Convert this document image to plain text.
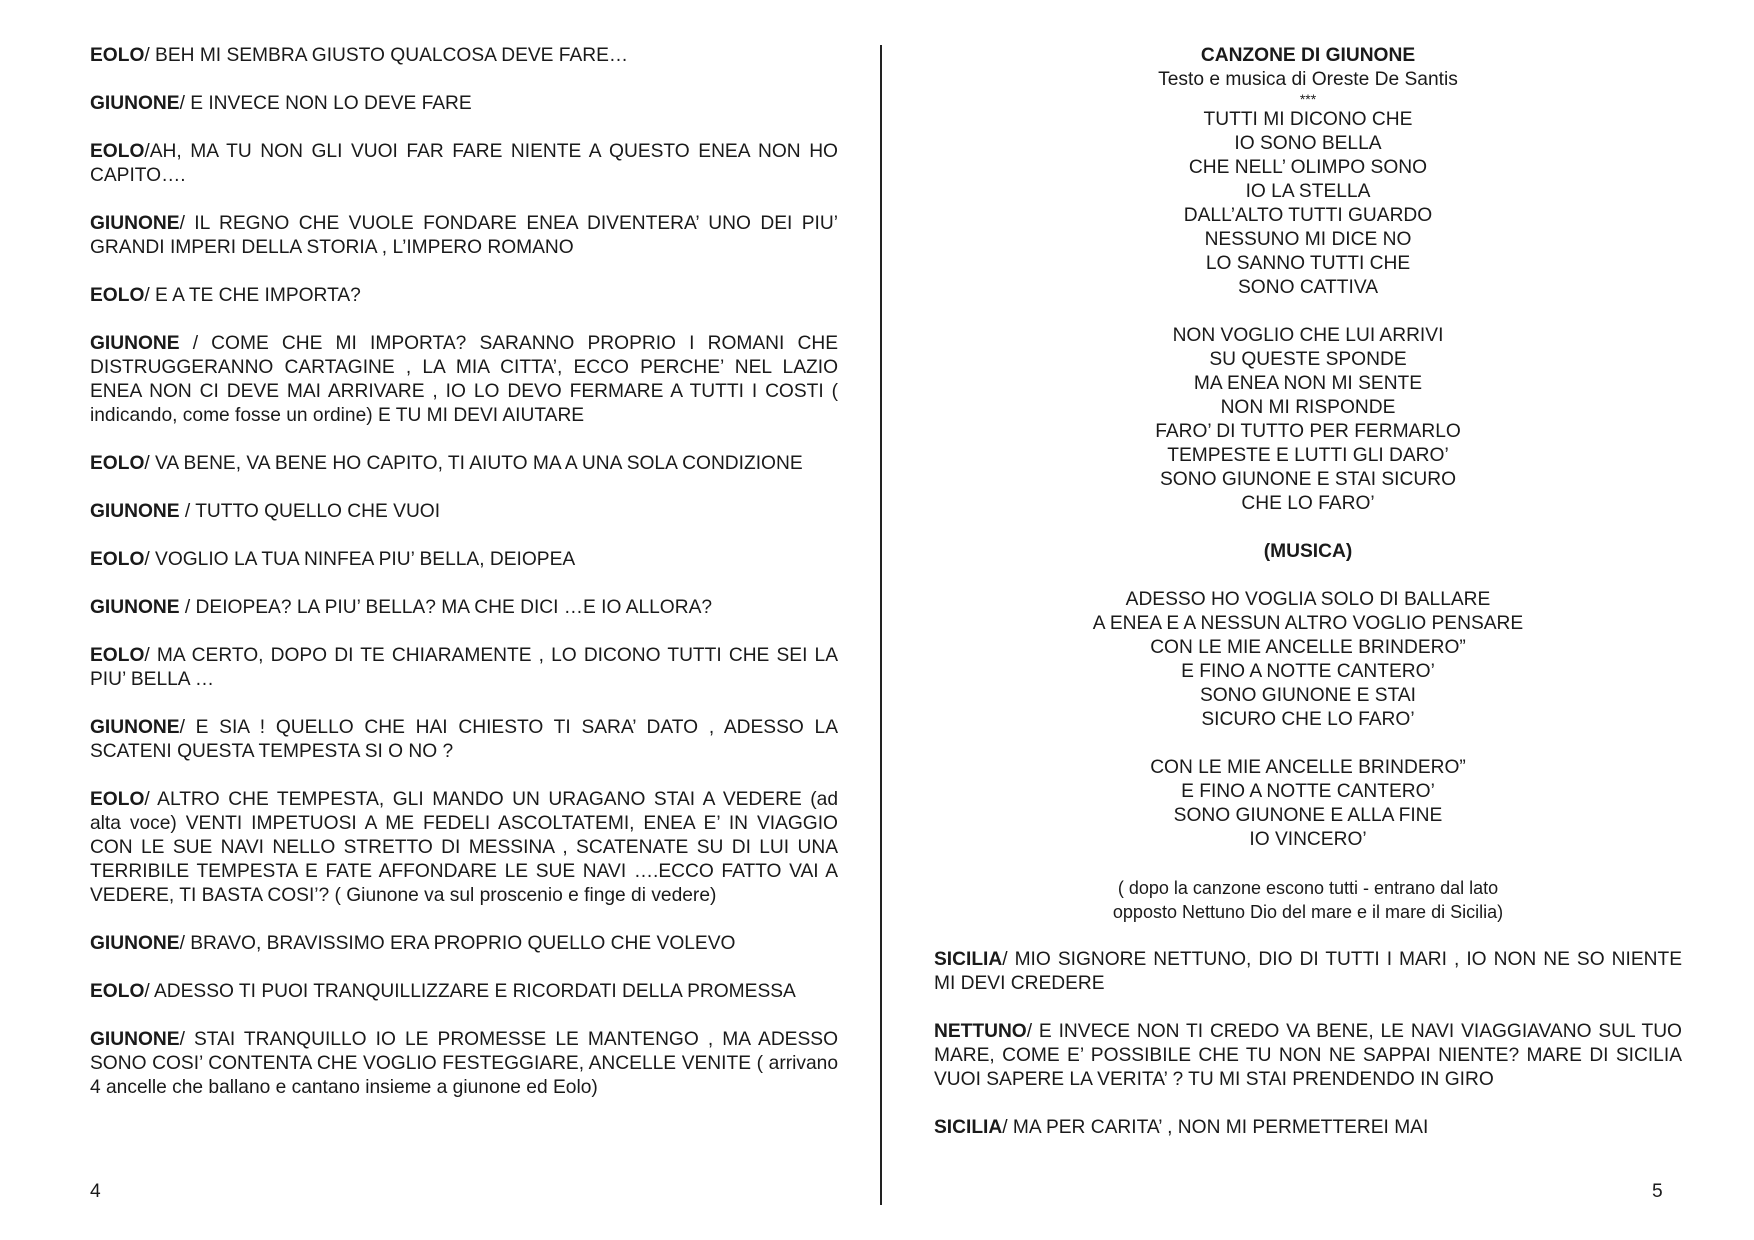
EOLO/ BEH MI SEMBRA GIUSTO QUALCOSA DEVE FARE…

GIUNONE/ E INVECE NON LO DEVE FARE

EOLO/AH, MA TU NON GLI VUOI FAR FARE NIENTE A QUESTO ENEA NON HO CAPITO….

GIUNONE/ IL REGNO CHE VUOLE FONDARE ENEA DIVENTERA’ UNO DEI PIU’ GRANDI IMPERI DELLA STORIA , L’IMPERO ROMANO

EOLO/ E A TE CHE IMPORTA?

GIUNONE / COME CHE MI IMPORTA? SARANNO PROPRIO I ROMANI CHE DISTRUGGERANNO CARTAGINE , LA MIA CITTA’, ECCO PERCHE’ NEL LAZIO ENEA NON CI DEVE MAI ARRIVARE , IO LO DEVO FERMARE A TUTTI I COSTI ( indicando, come fosse un ordine) E TU MI DEVI AIUTARE

EOLO/ VA BENE, VA BENE HO CAPITO, TI AIUTO MA A UNA SOLA CONDIZIONE

GIUNONE / TUTTO QUELLO CHE VUOI

EOLO/ VOGLIO LA TUA NINFEA PIU’ BELLA, DEIOPEA

GIUNONE / DEIOPEA? LA PIU’ BELLA? MA CHE DICI …E IO ALLORA?

EOLO/ MA CERTO, DOPO DI TE CHIARAMENTE , LO DICONO TUTTI CHE SEI LA PIU’ BELLA …

GIUNONE/ E SIA ! QUELLO CHE HAI CHIESTO TI SARA’ DATO , ADESSO LA SCATENI QUESTA TEMPESTA SI O NO ?

EOLO/ ALTRO CHE TEMPESTA, GLI MANDO UN URAGANO STAI A VEDERE (ad alta voce) VENTI IMPETUOSI A ME FEDELI ASCOLTATEMI, ENEA E’ IN VIAGGIO CON LE SUE NAVI NELLO STRETTO DI MESSINA , SCATENATE SU DI LUI UNA TERRIBILE TEMPESTA E FATE AFFONDARE LE SUE NAVI ….ECCO FATTO VAI A VEDERE, TI BASTA COSI’? ( Giunone va sul proscenio e finge di vedere)

GIUNONE/ BRAVO, BRAVISSIMO ERA PROPRIO QUELLO CHE VOLEVO

EOLO/ ADESSO TI PUOI TRANQUILLIZZARE E RICORDATI DELLA PROMESSA

GIUNONE/ STAI TRANQUILLO IO LE PROMESSE LE MANTENGO , MA ADESSO SONO COSI’ CONTENTA CHE VOGLIO FESTEGGIARE, ANCELLE VENITE ( arrivano 4 ancelle che ballano e cantano insieme a giunone ed Eolo)

4
CANZONE DI GIUNONE
Testo e musica di Oreste De Santis
***
TUTTI MI DICONO CHE
IO SONO BELLA
CHE NELL’ OLIMPO SONO
IO LA STELLA
DALL’ALTO TUTTI GUARDO
NESSUNO MI DICE NO
LO SANNO TUTTI CHE
SONO CATTIVA
NON VOGLIO CHE LUI ARRIVI
SU QUESTE SPONDE
MA ENEA NON MI SENTE
NON MI RISPONDE
FARO’ DI TUTTO PER FERMARLO
TEMPESTE E LUTTI GLI DARO’
SONO GIUNONE E STAI SICURO
CHE LO FARO’
(MUSICA)
ADESSO HO VOGLIA SOLO DI BALLARE
A ENEA E A NESSUN ALTRO VOGLIO PENSARE
CON LE MIE ANCELLE BRINDERO”
E FINO A NOTTE CANTERO’
SONO GIUNONE E STAI
SICURO CHE LO FARO’
CON LE MIE ANCELLE BRINDERO”
E FINO A NOTTE CANTERO’
SONO GIUNONE E ALLA FINE
IO VINCERO’
( dopo la canzone escono tutti - entrano dal lato
opposto Nettuno Dio del mare e il mare di Sicilia)

SICILIA/ MIO SIGNORE NETTUNO, DIO DI TUTTI I MARI , IO NON NE SO NIENTE MI DEVI CREDERE

NETTUNO/ E INVECE NON TI CREDO VA BENE, LE NAVI VIAGGIAVANO SUL TUO MARE, COME E’ POSSIBILE CHE TU NON NE SAPPAI NIENTE? MARE DI SICILIA VUOI SAPERE LA VERITA’ ? TU MI STAI PRENDENDO IN GIRO

SICILIA/ MA PER CARITA’ , NON MI PERMETTEREI MAI

5
